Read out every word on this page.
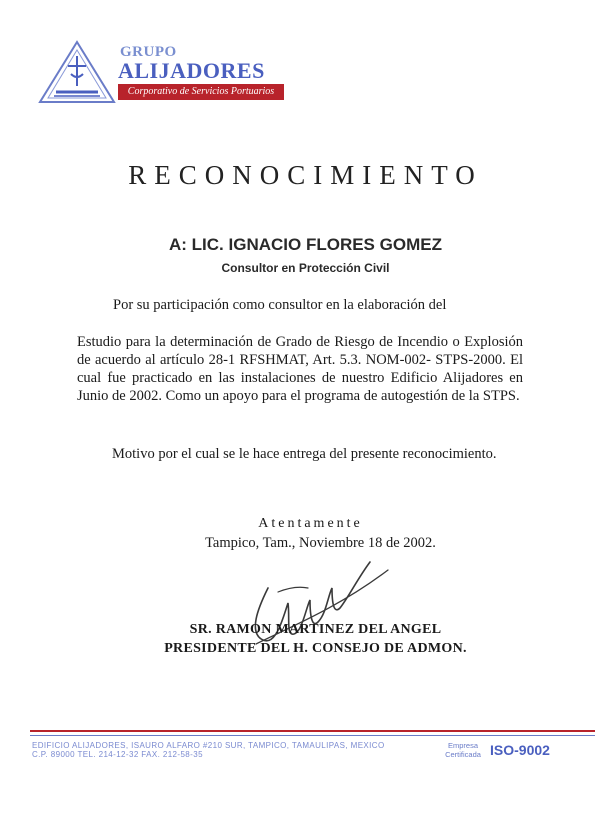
GRUPO
ALIJADORES
Corporativo de Servicios Portuarios
RECONOCIMIENTO
A: LIC. IGNACIO FLORES GOMEZ
Consultor en Protección Civil
Por su participación como consultor en la elaboración del
Estudio para la determinación de Grado de Riesgo de Incendio o Explosión de acuerdo al artículo 28-1 RFSHMAT, Art. 5.3. NOM-002- STPS-2000. El cual fue practicado en las instalaciones de nuestro Edificio Alijadores en Junio de 2002. Como un apoyo para el programa de autogestión de la STPS.
Motivo por el cual se le hace entrega del presente reconocimiento.
Atentamente
Tampico, Tam., Noviembre 18 de 2002.
SR. RAMON MARTINEZ DEL ANGEL
PRESIDENTE DEL H. CONSEJO DE ADMON.
EDIFICIO ALIJADORES, ISAURO ALFARO #210 SUR, TAMPICO, TAMAULIPAS, MEXICO
C.P. 89000 TEL. 214-12-32 FAX. 212-58-35
Empresa
Certificada ISO-9002
